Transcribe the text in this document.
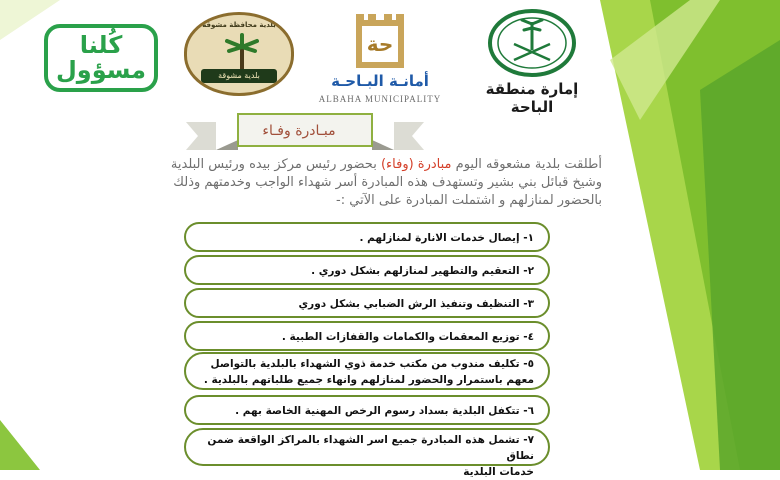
كُلنا
مسؤول
بلدية محافظة مشوقة
بلدية مشوقة
حة
أمانـة البـاحـة
ALBAHA MUNICIPALITY
إمارة منطقة الباحة
مبـادرة وفـاء
أطلقت بلدية مشعوقه اليوم مبادرة (وفاء) بحضور رئيس مركز بيده ورئيس البلدية وشيخ قبائل بني بشير وتستهدف هذه المبادرة أسر شهداء الواجب وخدمتهم وذلك بالحضور لمنازلهم و اشتملت المبادرة على الآتي :-
١- إيصال خدمات الانارة لمنازلهم .
٢- التعقيم والتطهير لمنازلهم بشكل دوري .
٣- التنظيف وتنفيذ الرش الضبابي بشكل دوري
٤- توزيع المعقمات والكمامات والقفازات الطبية .
٥- تكليف مندوب من مكتب خدمة ذوي الشهداء بالبلدية بالتواصل
معهم باستمرار والحضور لمنازلهم وانهاء جميع طلباتهم بالبلدية .
٦- تتكفل البلدية بسداد رسوم الرخص المهنية الخاصة بهم .
٧- تشمل هذه المبادرة جميع اسر الشهداء بالمراكز الواقعة ضمن نطاق
خدمات البلدية
